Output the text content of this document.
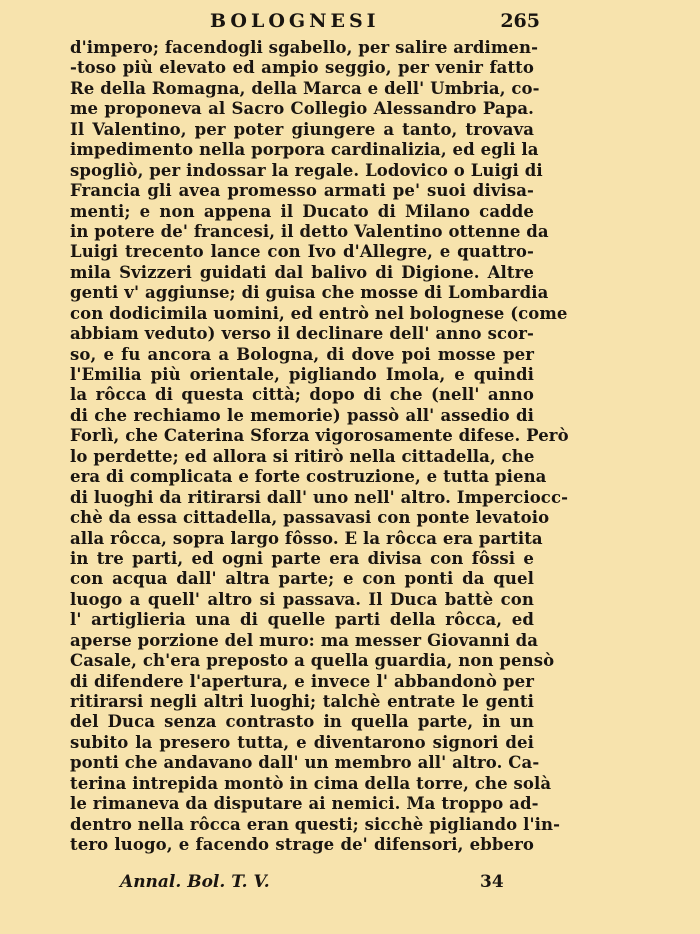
BOLOGNESI	265
d'impero; facendogli sgabello, per salire ardimen-
-toso più elevato ed ampio seggio, per venir fatto
Re della Romagna, della Marca e dell' Umbria, co-
me proponeva al Sacro Collegio Alessandro Papa.
Il Valentino, per poter giungere a tanto, trovava
impedimento nella porpora cardinalizia, ed egli la
spogliò, per indossar la regale. Lodovico o Luigi di
Francia gli avea promesso armati pe' suoi divisa-
menti; e non appena il Ducato di Milano cadde
in potere de' francesi, il detto Valentino ottenne da
Luigi trecento lance con Ivo d'Allegre, e quattro-
mila Svizzeri guidati dal balivo di Digione. Altre
genti v' aggiunse; di guisa che mosse di Lombardia
con dodicimila uomini, ed entrò nel bolognese (come
abbiam veduto) verso il declinare dell' anno scor-
so, e fu ancora a Bologna, di dove poi mosse per
l'Emilia più orientale, pigliando Imola, e quindi
la rôcca di questa città; dopo di che (nell' anno
di che rechiamo le memorie) passò all' assedio di
Forlì, che Caterina Sforza vigorosamente difese. Però
lo perdette; ed allora si ritirò nella cittadella, che
era di complicata e forte costruzione, e tutta piena
di luoghi da ritirarsi dall' uno nell' altro. Imperciocc-
chè da essa cittadella, passavasi con ponte levatoio
alla rôcca, sopra largo fôsso. E la rôcca era partita
in tre parti, ed ogni parte era divisa con fôssi e
con acqua dall' altra parte; e con ponti da quel
luogo a quell' altro si passava. Il Duca battè con
l' artiglieria una di quelle parti della rôcca, ed
aperse porzione del muro: ma messer Giovanni da
Casale, ch'era preposto a quella guardia, non pensò
di difendere l'apertura, e invece l' abbandonò per
ritirarsi negli altri luoghi; talchè entrate le genti
del Duca senza contrasto in quella parte, in un
subito la presero tutta, e diventarono signori dei
ponti che andavano dall' un membro all' altro. Ca-
terina intrepida montò in cima della torre, che solà
le rimaneva da disputare ai nemici. Ma troppo ad-
dentro nella rôcca eran questi; sicchè pigliando l'in-
tero luogo, e facendo strage de' difensori, ebbero
Annal. Bol. T. V.	34
